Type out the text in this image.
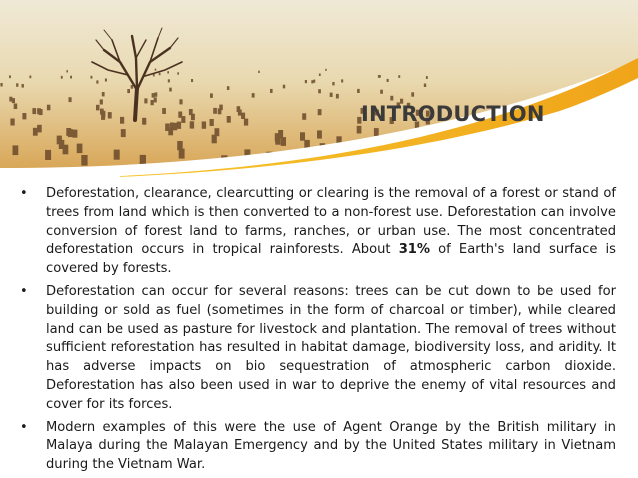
INTRODUCTION
• Deforestation, clearance, clearcutting or clearing is the removal of a forest or stand of trees from land which is then converted to a non-forest use. Deforestation can involve conversion of forest land to farms, ranches, or urban use. The most concentrated deforestation occurs in tropical rainforests. About 31% of Earth's land surface is covered by forests.
• Deforestation can occur for several reasons: trees can be cut down to be used for building or sold as fuel (sometimes in the form of charcoal or timber), while cleared land can be used as pasture for livestock and plantation. The removal of trees without sufficient reforestation has resulted in habitat damage, biodiversity loss, and aridity. It has adverse impacts on bio sequestration of atmospheric carbon dioxide. Deforestation has also been used in war to deprive the enemy of vital resources and cover for its forces.
• Modern examples of this were the use of Agent Orange by the British military in Malaya during the Malayan Emergency and by the United States military in Vietnam during the Vietnam War.
